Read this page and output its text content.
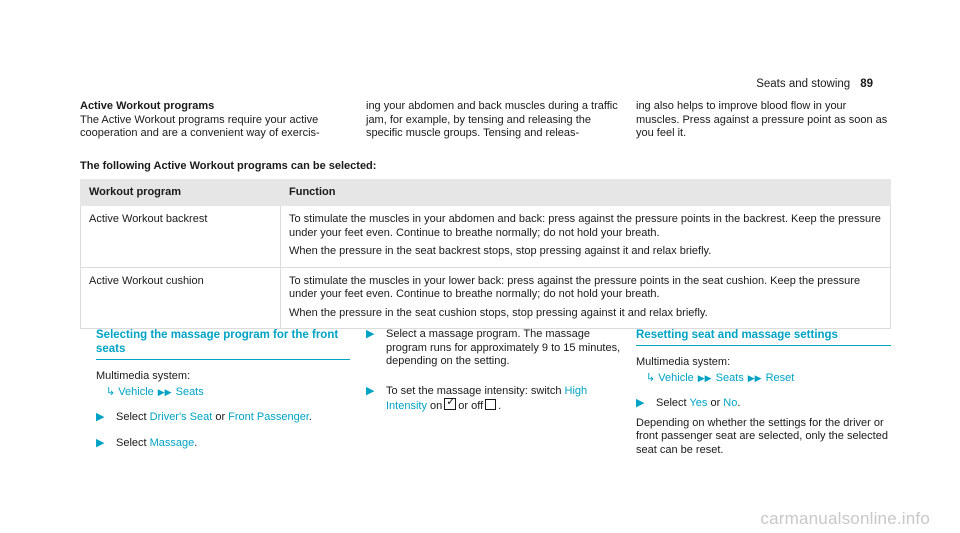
Seats and stowing 89
Active Workout programs
The Active Workout programs require your active cooperation and are a convenient way of exercis-
ing your abdomen and back muscles during a traffic jam, for example, by tensing and releasing the specific muscle groups. Tensing and releas-
ing also helps to improve blood flow in your muscles. Press against a pressure point as soon as you feel it.
The following Active Workout programs can be selected:
Workout program	Function
Active Workout backrest	To stimulate the muscles in your abdomen and back: press against the pressure points in the backrest. Keep the pressure under your feet even. Continue to breathe normally; do not hold your breath.

When the pressure in the seat backrest stops, stop pressing against it and relax briefly.

Active Workout cushion	To stimulate the muscles in your lower back: press against the pressure points in the seat cushion. Keep the pressure under your feet even. Continue to breathe normally; do not hold your breath.

When the pressure in the seat cushion stops, stop pressing against it and relax briefly.

Selecting the massage program for the front seats
Multimedia system:
↳ Vehicle ▶▶ Seats
▶ Select Driver's Seat or Front Passenger.
▶ Select Massage.
▶ Select a massage program. The massage program runs for approximately 9 to 15 minutes, depending on the setting.
▶ To set the massage intensity: switch High Intensity on ✓ or off .
Resetting seat and massage settings
Multimedia system:
↳ Vehicle ▶▶ Seats ▶▶ Reset
▶ Select Yes or No.
Depending on whether the settings for the driver or front passenger seat are selected, only the selected seat can be reset.
carmanualsonline.info
